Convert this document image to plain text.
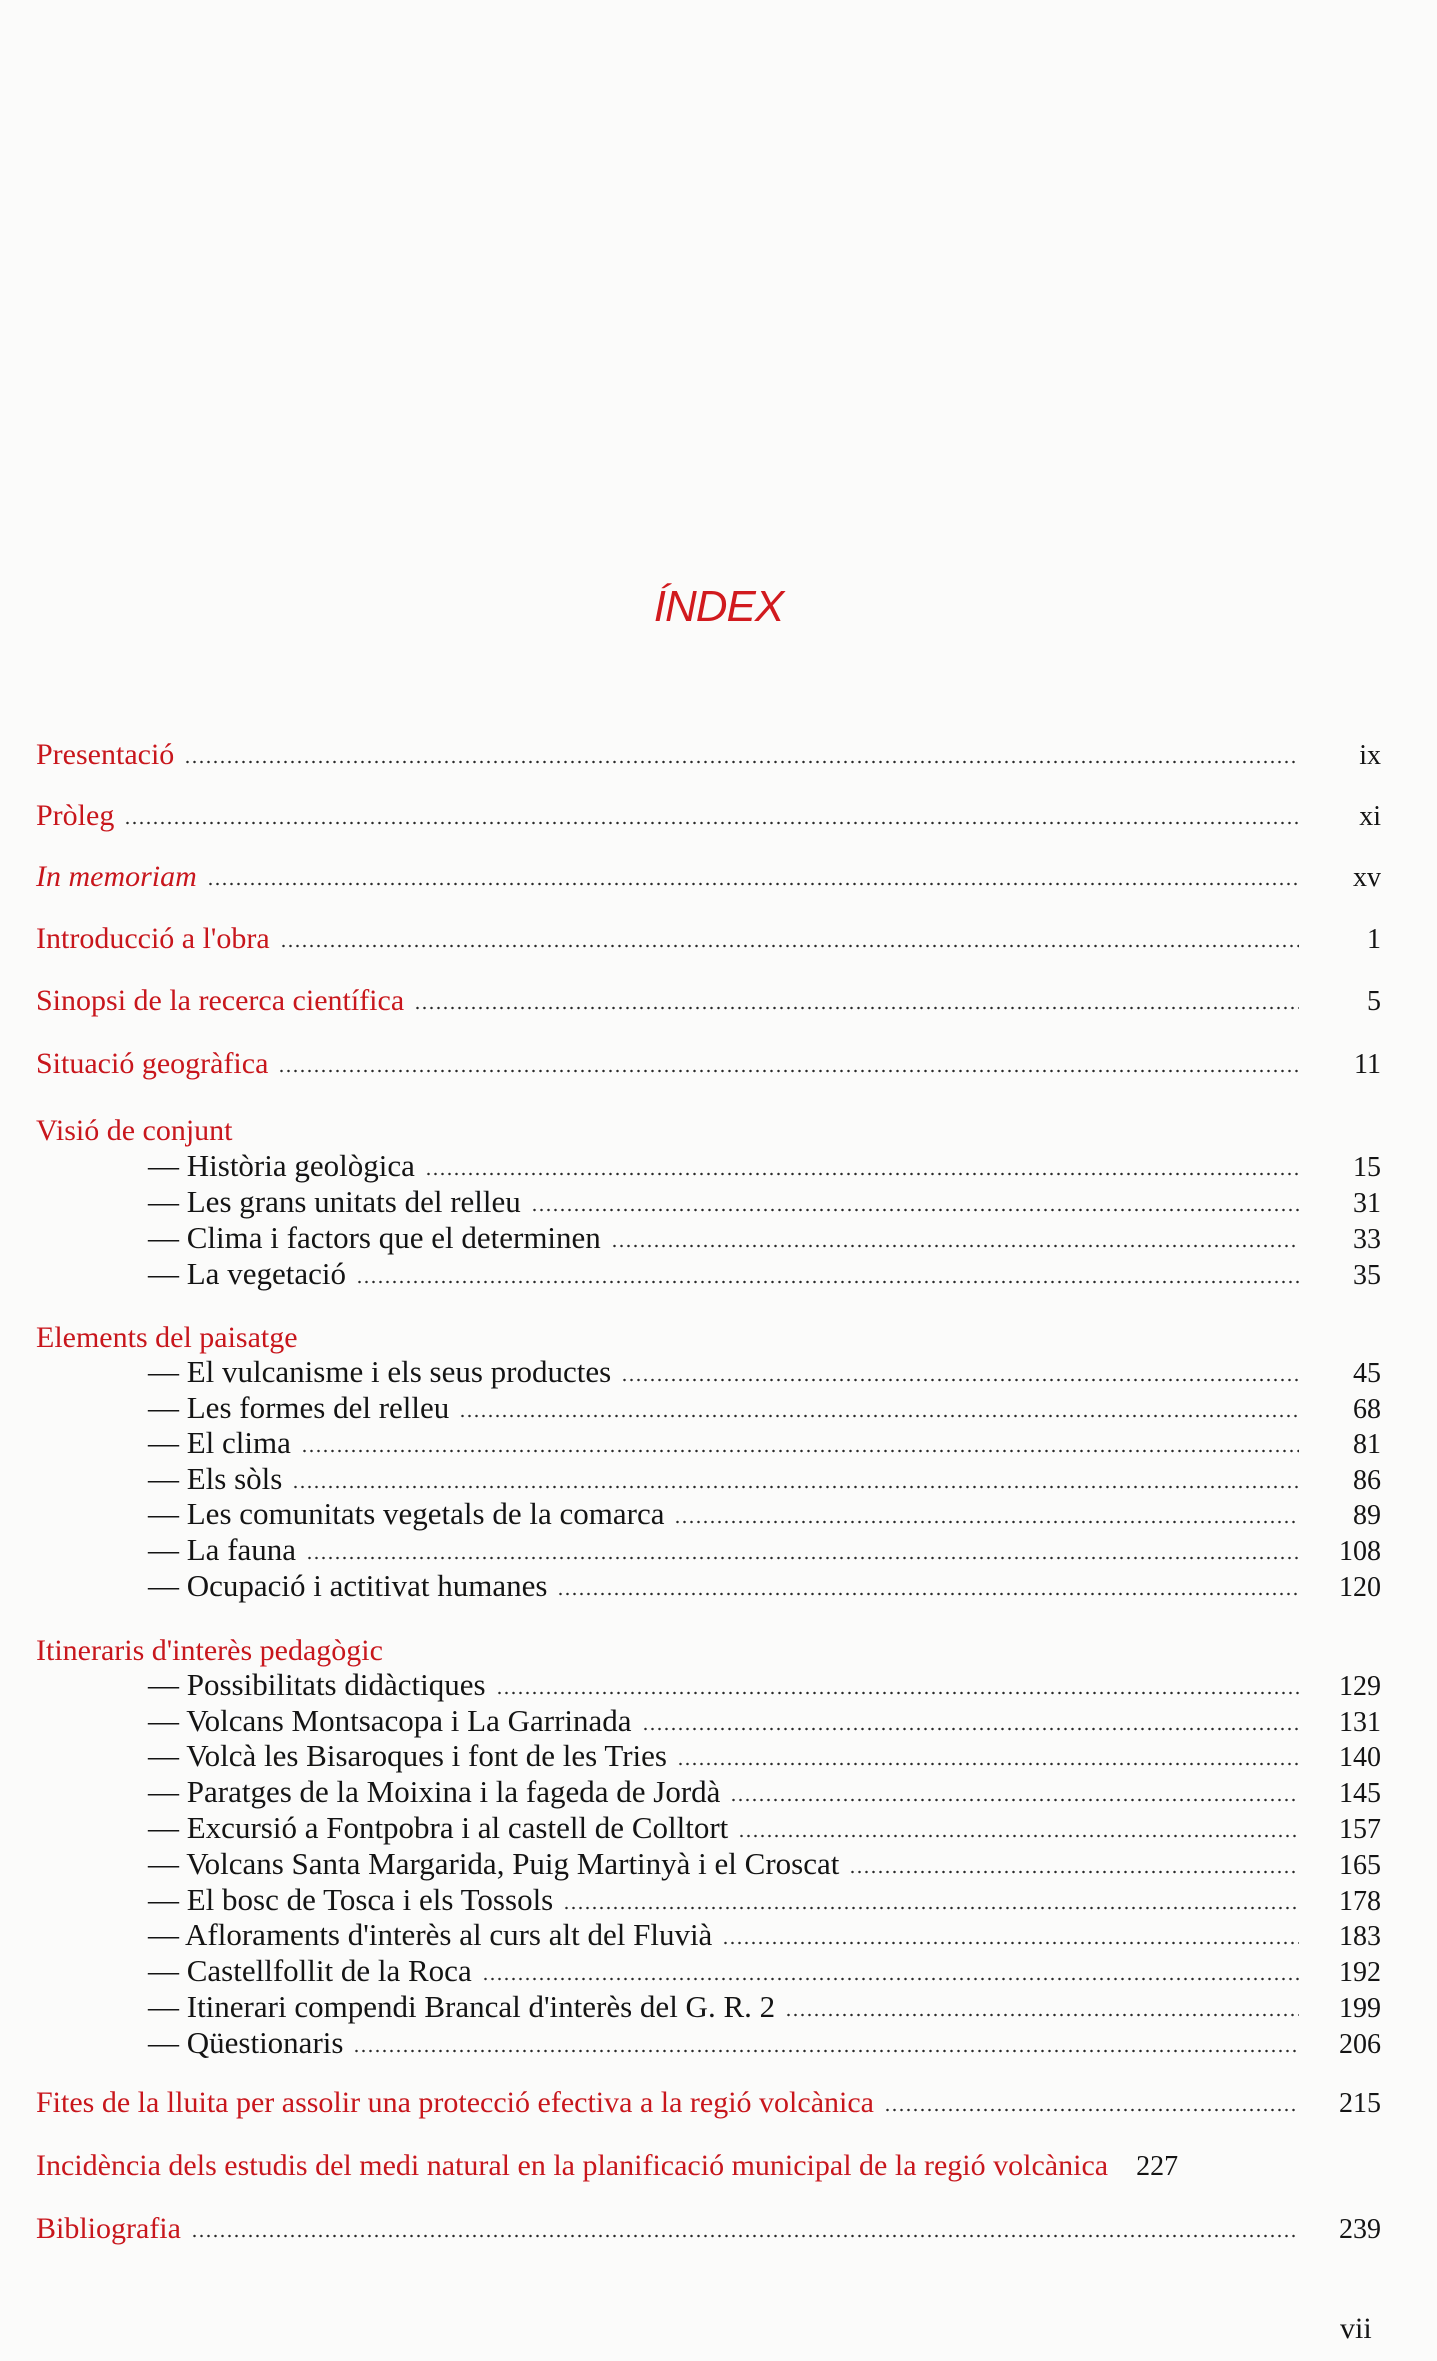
ÍNDEX
Presentació	ix
Pròleg	xi
In memoriam	xv
Introducció a l'obra	1
Sinopsi de la recerca científica	5
Situació geogràfica	11
Visió de conjunt
— Història geològica	15
— Les grans unitats del relleu	31
— Clima i factors que el determinen	33
— La vegetació	35
Elements del paisatge
— El vulcanisme i els seus productes	45
— Les formes del relleu	68
— El clima	81
— Els sòls	86
— Les comunitats vegetals de la comarca	89
— La fauna	108
— Ocupació i actitivat humanes	120
Itineraris d'interès pedagògic
— Possibilitats didàctiques	129
— Volcans Montsacopa i La Garrinada	131
— Volcà les Bisaroques i font de les Tries	140
— Paratges de la Moixina i la fageda de Jordà	145
— Excursió a Fontpobra i al castell de Colltort	157
— Volcans Santa Margarida, Puig Martinyà i el Croscat	165
— El bosc de Tosca i els Tossols	178
— Afloraments d'interès al curs alt del Fluvià	183
— Castellfollit de la Roca	192
— Itinerari compendi Brancal d'interès del G. R. 2	199
— Qüestionaris	206
Fites de la lluita per assolir una protecció efectiva a la regió volcànica	215
Incidència dels estudis del medi natural en la planificació municipal de la regió volcànica	227
Bibliografia	239
vii
